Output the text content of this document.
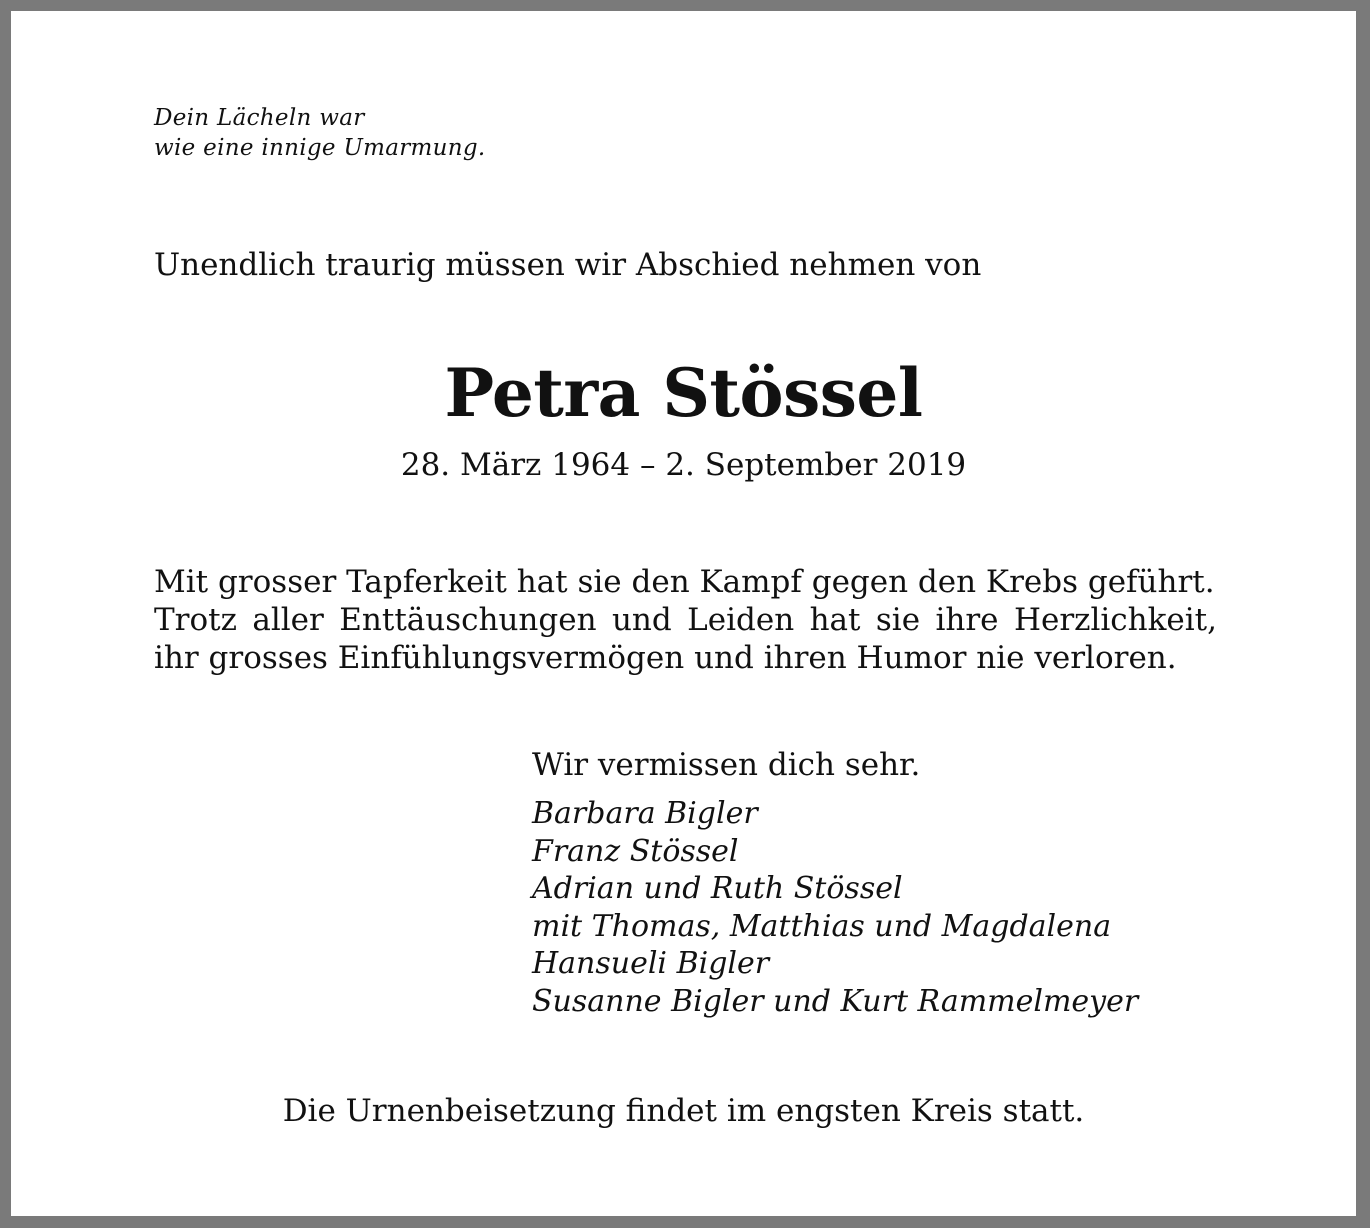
Dein Lächeln war
wie eine innige Umarmung.
Unendlich traurig müssen wir Abschied nehmen von
Petra Stössel
28. März 1964 – 2. September 2019
Mit grosser Tapferkeit hat sie den Kampf gegen den Krebs geführt.
Trotz aller Enttäuschungen und Leiden hat sie ihre Herzlichkeit,
ihr grosses Einfühlungsvermögen und ihren Humor nie verloren.
Wir vermissen dich sehr.
Barbara Bigler
Franz Stössel
Adrian und Ruth Stössel
mit Thomas, Matthias und Magdalena
Hansueli Bigler
Susanne Bigler und Kurt Rammelmeyer
Die Urnenbeisetzung findet im engsten Kreis statt.
